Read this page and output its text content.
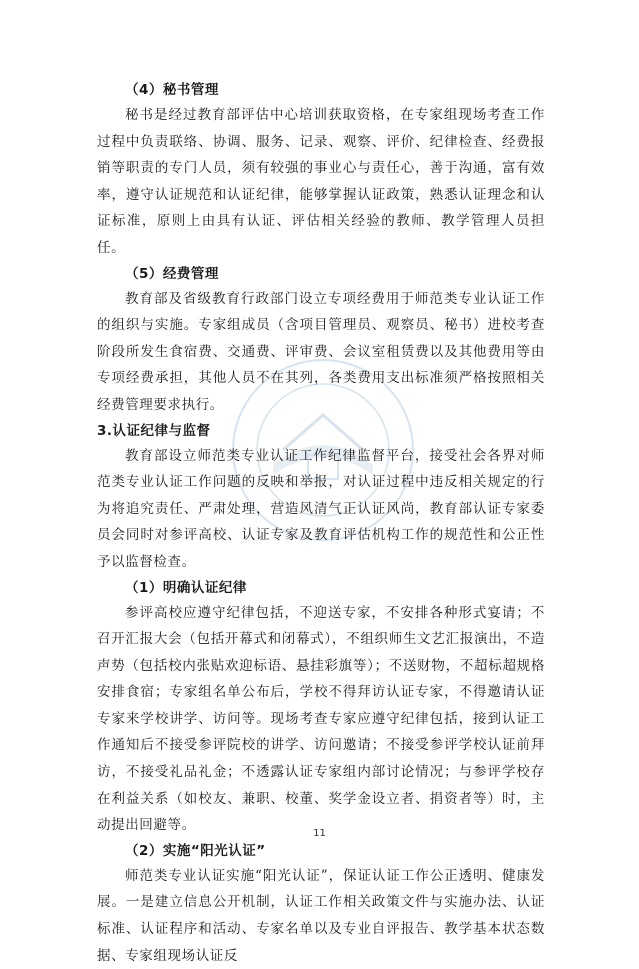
（4）秘书管理

秘书是经过教育部评估中心培训获取资格，在专家组现场考查工作过程中负责联络、协调、服务、记录、观察、评价、纪律检查、经费报销等职责的专门人员，须有较强的事业心与责任心，善于沟通，富有效率，遵守认证规范和认证纪律，能够掌握认证政策，熟悉认证理念和认证标准，原则上由具有认证、评估相关经验的教师、教学管理人员担任。

（5）经费管理

教育部及省级教育行政部门设立专项经费用于师范类专业认证工作的组织与实施。专家组成员（含项目管理员、观察员、秘书）进校考查阶段所发生食宿费、交通费、评审费、会议室租赁费以及其他费用等由专项经费承担，其他人员不在其列，各类费用支出标准须严格按照相关经费管理要求执行。

3.认证纪律与监督

教育部设立师范类专业认证工作纪律监督平台，接受社会各界对师范类专业认证工作问题的反映和举报，对认证过程中违反相关规定的行为将追究责任、严肃处理，营造风清气正认证风尚，教育部认证专家委员会同时对参评高校、认证专家及教育评估机构工作的规范性和公正性予以监督检查。

（1）明确认证纪律

参评高校应遵守纪律包括，不迎送专家，不安排各种形式宴请；不召开汇报大会（包括开幕式和闭幕式），不组织师生文艺汇报演出，不造声势（包括校内张贴欢迎标语、悬挂彩旗等）；不送财物，不超标超规格安排食宿；专家组名单公布后，学校不得拜访认证专家，不得邀请认证专家来学校讲学、访问等。现场考查专家应遵守纪律包括，接到认证工作通知后不接受参评院校的讲学、访问邀请；不接受参评学校认证前拜访，不接受礼品礼金；不透露认证专家组内部讨论情况；与参评学校存在利益关系（如校友、兼职、校董、奖学金设立者、捐资者等）时，主动提出回避等。

（2）实施“阳光认证”

师范类专业认证实施“阳光认证”，保证认证工作公正透明、健康发展。一是建立信息公开机制，认证工作相关政策文件与实施办法、认证标准、认证程序和活动、专家名单以及专业自评报告、教学基本状态数据、专家组现场认证反

11
